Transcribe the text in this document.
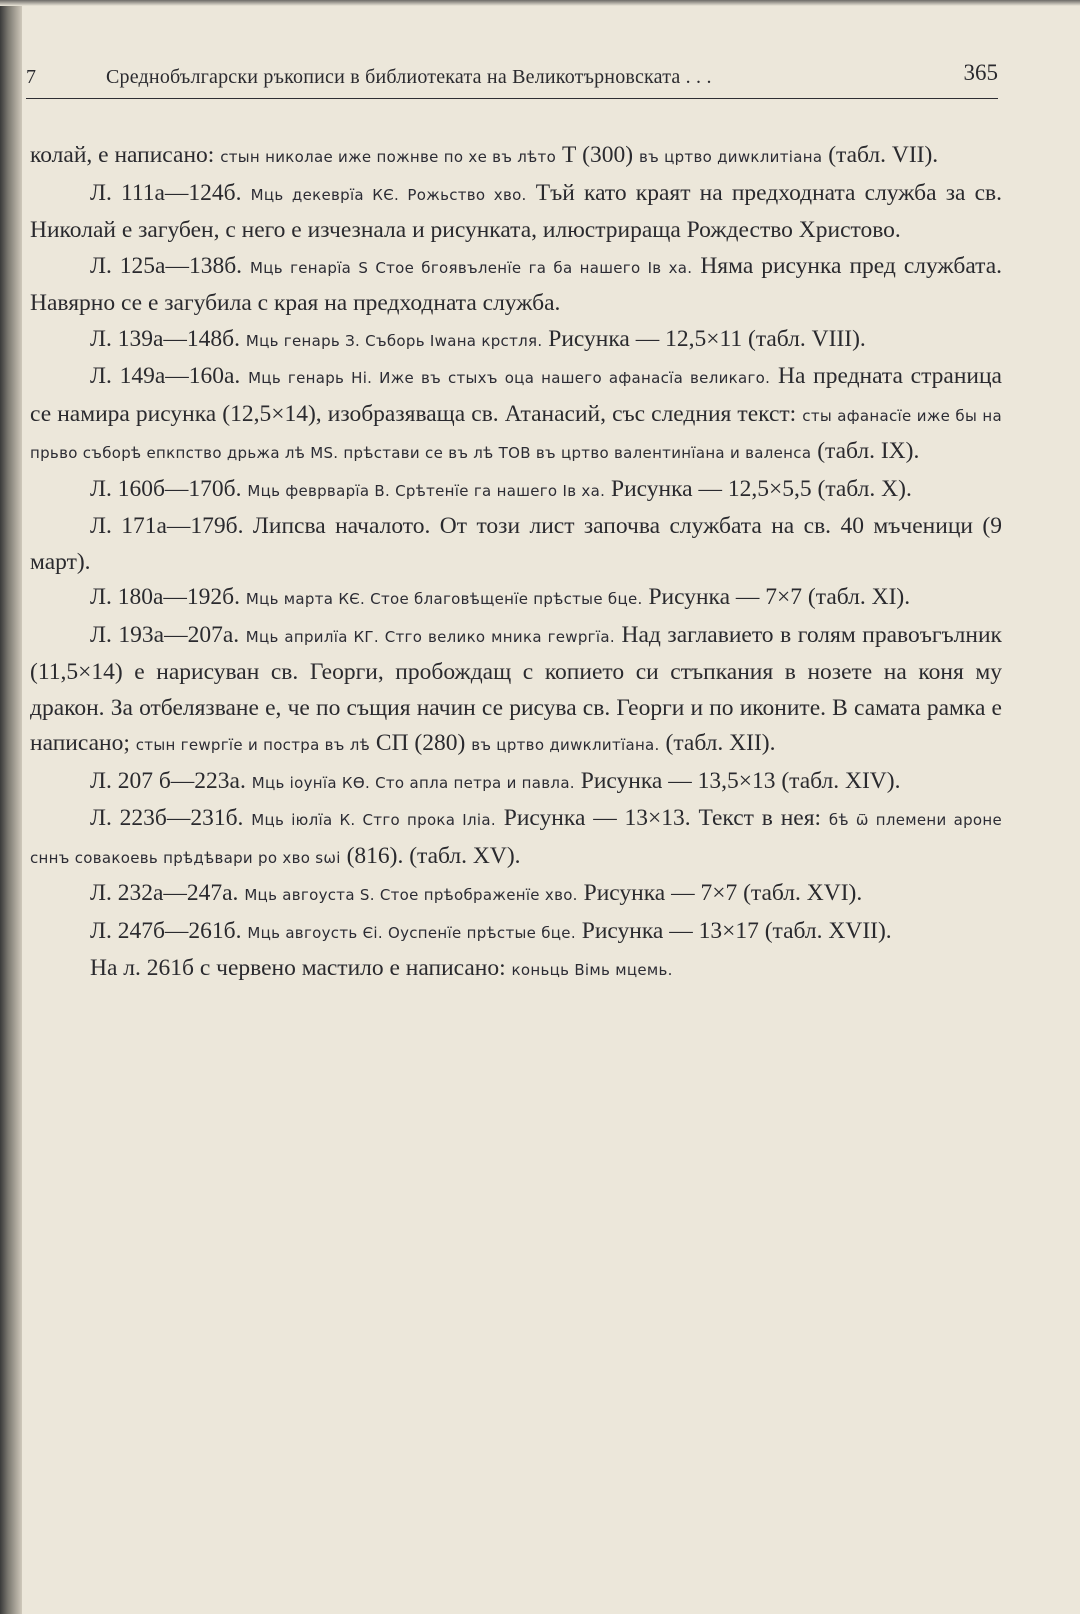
7	Среднобългарски ръкописи в библиотеката на Великотърновската . . .	365

колай, е написано: стын николае иже пожнве по хе въ лѣто Т (300) въ цртво диwклитіана (табл. VII).

Л. 111а—124б. Мць декеврїа КЄ. Рожьство хво. Тъй като краят на предходната служба за св. Николай е загубен, с него е изчезнала и рисунката, илюстрираща Рождество Христово.

Л. 125а—138б. Мць генарїа Ѕ Стое бгоявъленїе га ба нашего Ів ха. Няма рисунка пред службата. Навярно се е загубила с края на предходната служба.

Л. 139а—148б. Мць генарь З. Съборь Іwана крстля. Рисунка — 12,5×11 (табл. VIII).

Л. 149а—160а. Мць генарь Ні. Иже въ стыхъ оца нашего афанасїа великаго. На предната страница се намира рисунка (12,5×14), изобразяваща св. Атанасий, със следния текст: сты афанасїе иже бы на прьво съборѣ епкпство дрьжа лѣ МЅ. прѣстави се въ лѣ ТОВ въ цртво валентинїана и валенса (табл. IX).

Л. 160б—170б. Мць феврварїа В. Срѣтенїе га нашего Ів ха. Рисунка — 12,5×5,5 (табл. X).

Л. 171а—179б. Липсва началото. От този лист започва службата на св. 40 мъченици (9 март).

Л. 180а—192б. Мць марта КЄ. Стое благовѣщенїе прѣстые бце. Рисунка — 7×7 (табл. XI).

Л. 193а—207а. Мць априлїа КГ. Стго велико мника геwргїа. Над заглавието в голям правоъгълник (11,5×14) е нарисуван св. Георги, пробождащ с копието си стъпкания в нозете на коня му дракон. За отбелязване е, че по същия начин се рисува св. Георги и по иконите. В самата рамка е написано; стын геwргїе и постра въ лѣ СП (280) въ цртво диwклитїана. (табл. XII).

Л. 207 б—223а. Мць іоунїа КѲ. Сто апла петра и павла. Рисунка — 13,5×13 (табл. XIV).

Л. 223б—231б. Мць іюлїа К. Стго прока Іліа. Рисунка — 13×13. Текст в нея: бѣ ѿ племени аронe сннъ совакоевь прѣдѣвари ро хво ѕѡі (816). (табл. XV).

Л. 232а—247а. Мць авгоуста Ѕ. Стое прѣображенїе хво. Рисунка — 7×7 (табл. XVI).

Л. 247б—261б. Мць авгоусть Єі. Оуспенїе прѣстые бце. Рисунка — 13×17 (табл. XVII).

На л. 261б с червено мастило е написано: коньць Вімь мцемь.
